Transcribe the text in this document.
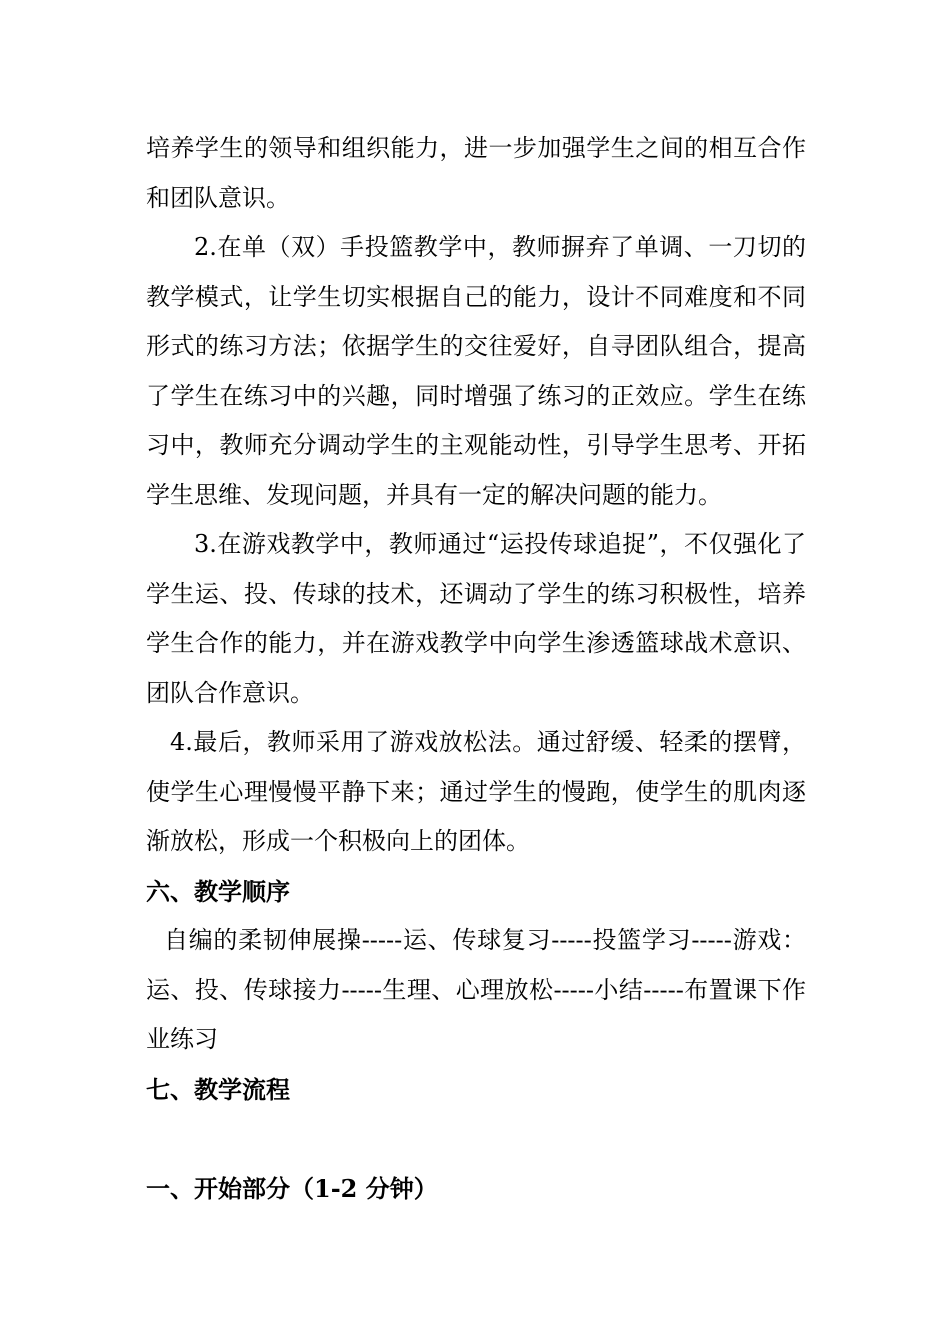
培养学生的领导和组织能力，进一步加强学生之间的相互合作和团队意识。

2.在单（双）手投篮教学中，教师摒弃了单调、一刀切的教学模式，让学生切实根据自己的能力，设计不同难度和不同形式的练习方法；依据学生的交往爱好，自寻团队组合，提高了学生在练习中的兴趣，同时增强了练习的正效应。学生在练习中，教师充分调动学生的主观能动性，引导学生思考、开拓学生思维、发现问题，并具有一定的解决问题的能力。

3.在游戏教学中，教师通过“运投传球追捉”，不仅强化了学生运、投、传球的技术，还调动了学生的练习积极性，培养学生合作的能力，并在游戏教学中向学生渗透篮球战术意识、团队合作意识。

4.最后，教师采用了游戏放松法。通过舒缓、轻柔的摆臂，使学生心理慢慢平静下来；通过学生的慢跑，使学生的肌肉逐渐放松，形成一个积极向上的团体。

六、教学顺序

自编的柔韧伸展操-----运、传球复习-----投篮学习-----游戏：运、投、传球接力-----生理、心理放松-----小结-----布置课下作业练习

七、教学流程

一、开始部分（1-2 分钟）
